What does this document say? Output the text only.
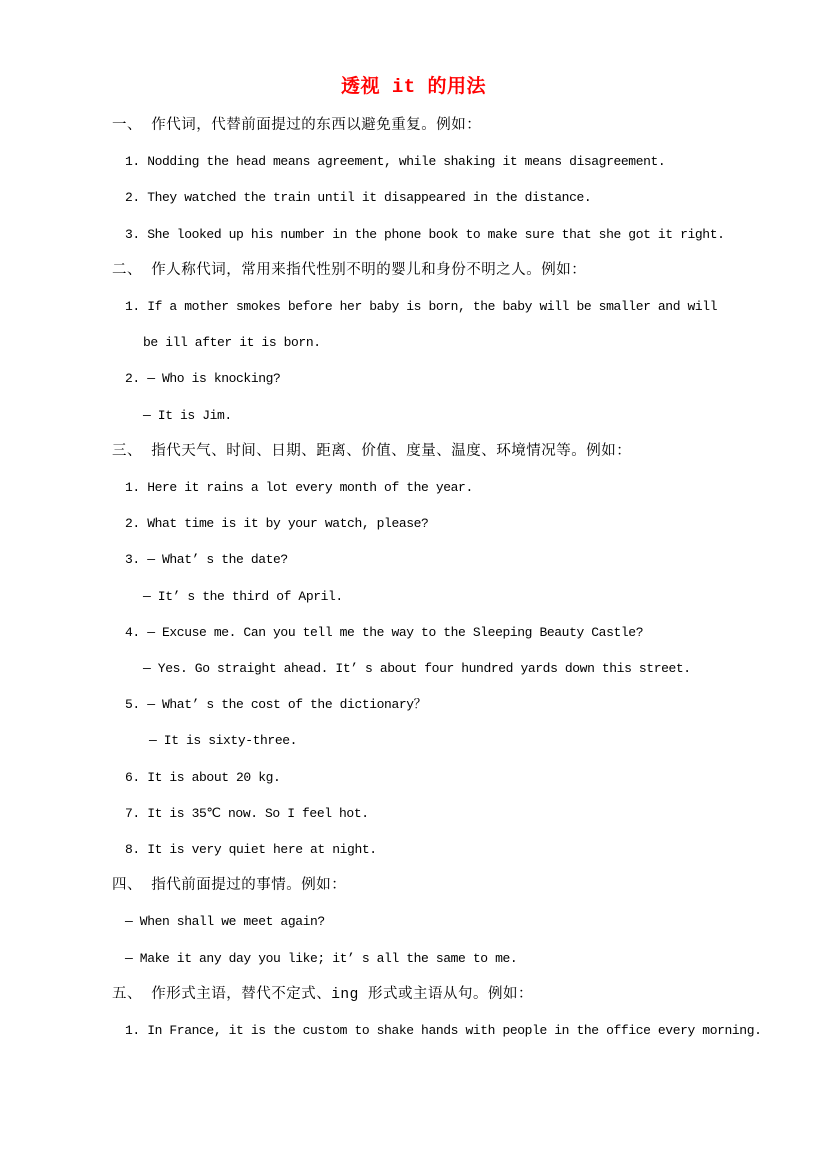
透视 it 的用法
一、 作代词，代替前面提过的东西以避免重复。例如：
1. Nodding the head means agreement, while shaking it means disagreement.
2. They watched the train until it disappeared in the distance.
3. She looked up his number in the phone book to make sure that she got it right.
二、 作人称代词，常用来指代性别不明的婴儿和身份不明之人。例如：
1. If a mother smokes before her baby is born, the baby will be smaller and will
be ill after it is born.
2. — Who is knocking?
— It is Jim.
三、 指代天气、时间、日期、距离、价值、度量、温度、环境情况等。例如：
1. Here it rains a lot every month of the year.
2. What time is it by your watch, please?
3. — What’ s the date?
— It’ s the third of April.
4. — Excuse me. Can you tell me the way to the Sleeping Beauty Castle?
— Yes. Go straight ahead. It’ s about four hundred yards down this street.
5. — What’ s the cost of the dictionary？
— It is sixty-three.
6. It is about 20 kg.
7. It is 35℃ now. So I feel hot.
8. It is very quiet here at night.
四、 指代前面提过的事情。例如：
— When shall we meet again?
— Make it any day you like; it’ s all the same to me.
五、 作形式主语，替代不定式、ing 形式或主语从句。例如：
1. In France, it is the custom to shake hands with people in the office every morning.
